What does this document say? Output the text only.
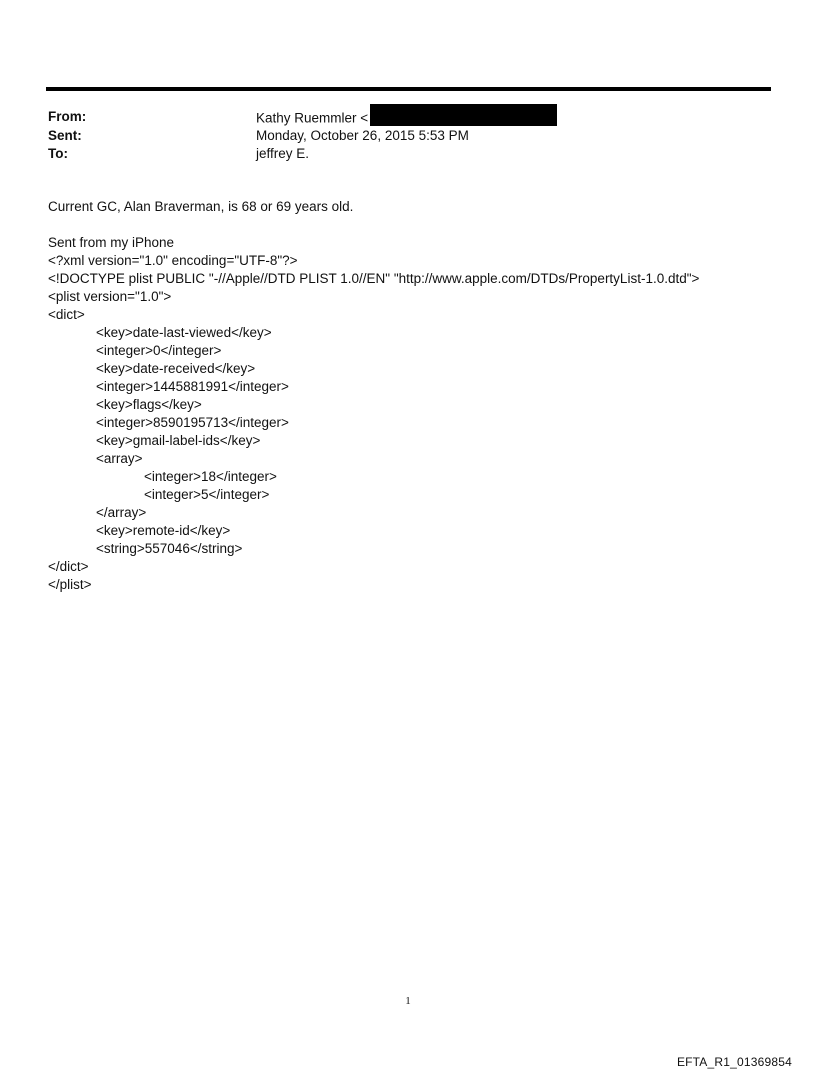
From:	Kathy Ruemmler <
Sent:	Monday, October 26, 2015 5:53 PM
To:	jeffrey E.
Current GC, Alan Braverman, is 68 or 69 years old.
Sent from my iPhone
<?xml version="1.0" encoding="UTF-8"?>
<!DOCTYPE plist PUBLIC "-//Apple//DTD PLIST 1.0//EN" "http://www.apple.com/DTDs/PropertyList-1.0.dtd">
<plist version="1.0">
<dict>
<key>date-last-viewed</key>
<integer>0</integer>
<key>date-received</key>
<integer>1445881991</integer>
<key>flags</key>
<integer>8590195713</integer>
<key>gmail-label-ids</key>
<array>
<integer>18</integer>
<integer>5</integer>
</array>
<key>remote-id</key>
<string>557046</string>
</dict>
</plist>
1
EFTA_R1_01369854
